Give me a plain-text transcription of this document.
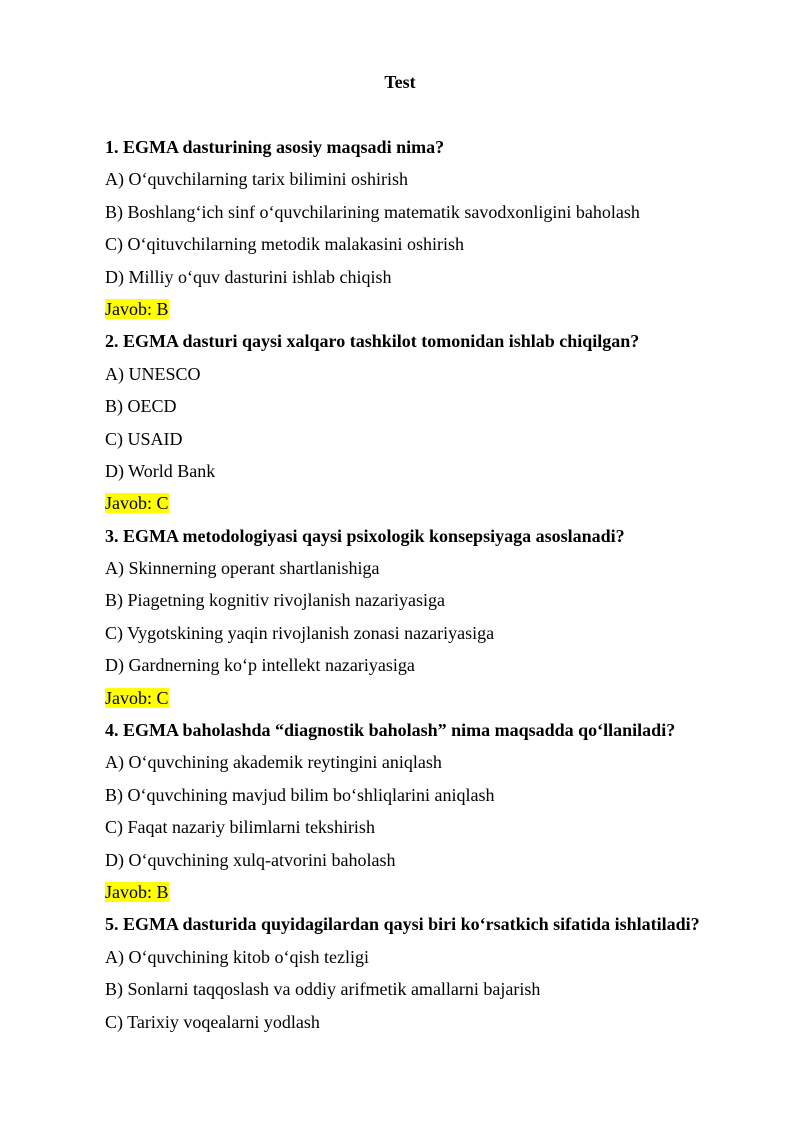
Test
1. EGMA dasturining asosiy maqsadi nima?
A) O‘quvchilarning tarix bilimini oshirish
B) Boshlang‘ich sinf o‘quvchilarining matematik savodxonligini baholash
C) O‘qituvchilarning metodik malakasini oshirish
D) Milliy o‘quv dasturini ishlab chiqish
Javob: B
2. EGMA dasturi qaysi xalqaro tashkilot tomonidan ishlab chiqilgan?
A) UNESCO
B) OECD
C) USAID
D) World Bank
Javob: C
3. EGMA metodologiyasi qaysi psixologik konsepsiyaga asoslanadi?
A) Skinnerning operant shartlanishiga
B) Piagetning kognitiv rivojlanish nazariyasiga
C) Vygotskining yaqin rivojlanish zonasi nazariyasiga
D) Gardnerning ko‘p intellekt nazariyasiga
Javob: C
4. EGMA baholashda “diagnostik baholash” nima maqsadda qo‘llaniladi?
A) O‘quvchining akademik reytingini aniqlash
B) O‘quvchining mavjud bilim bo‘shliqlarini aniqlash
C) Faqat nazariy bilimlarni tekshirish
D) O‘quvchining xulq-atvorini baholash
Javob: B
5. EGMA dasturida quyidagilardan qaysi biri ko‘rsatkich sifatida ishlatiladi?
A) O‘quvchining kitob o‘qish tezligi
B) Sonlarni taqqoslash va oddiy arifmetik amallarni bajarish
C) Tarixiy voqealarni yodlash
